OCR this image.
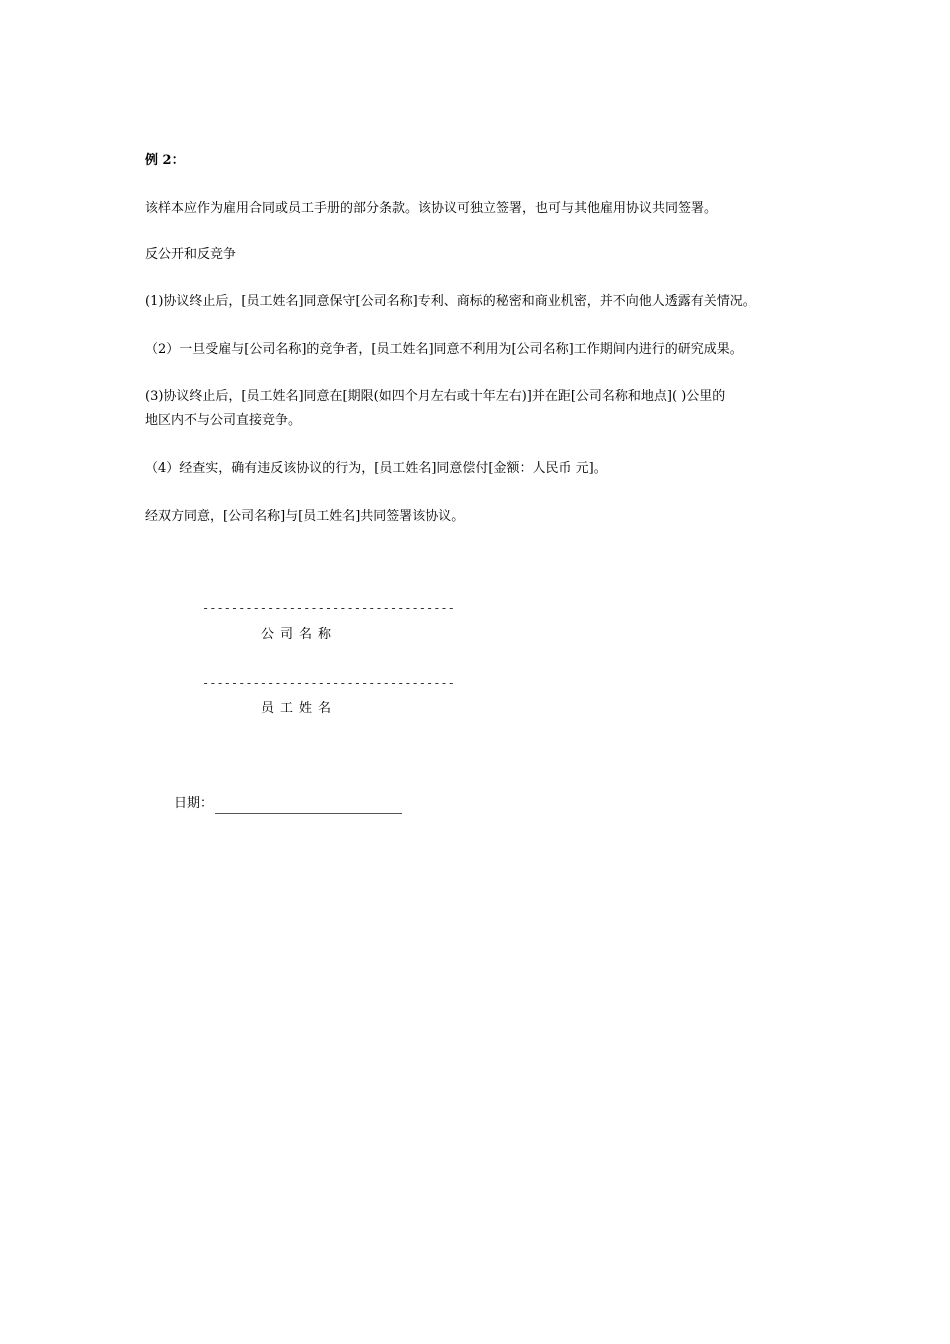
例 2：

该样本应作为雇用合同或员工手册的部分条款。该协议可独立签署，也可与其他雇用协议共同签署。

反公开和反竞争

(1)协议终止后，[员工姓名]同意保守[公司名称]专利、商标的秘密和商业机密，并不向他人透露有关情况。

（2）一旦受雇与[公司名称]的竞争者，[员工姓名]同意不利用为[公司名称]工作期间内进行的研究成果。

(3)协议终止后，[员工姓名]同意在[期限(如四个月左右或十年左右)]并在距[公司名称和地点]( )公里的

地区内不与公司直接竞争。

（4）经查实，确有违反该协议的行为，[员工姓名]同意偿付[金额：人民币 元]。

经双方同意，[公司名称]与[员工姓名]共同签署该协议。

-----------------------------------
公司名称
-----------------------------------
员工姓名
日期：
